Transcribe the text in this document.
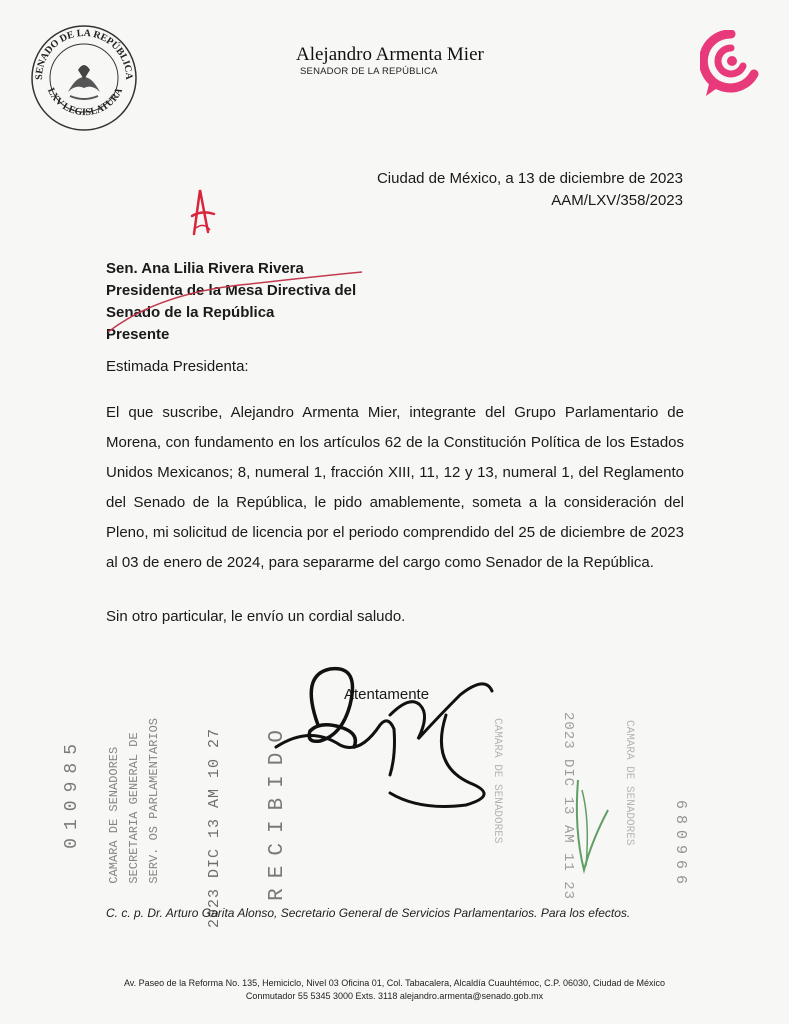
SENADO DE LA REPÚBLICA
LXV LEGISLATURA
Alejandro Armenta Mier
SENADOR DE LA REPÚBLICA
Ciudad de México, a 13 de diciembre de 2023
AAM/LXV/358/2023
Sen. Ana Lilia Rivera Rivera
Presidenta de la Mesa Directiva del
Senado de la República
Presente
Estimada Presidenta:
El que suscribe, Alejandro Armenta Mier, integrante del Grupo Parlamentario de Morena, con fundamento en los artículos 62 de la Constitución Política de los Estados Unidos Mexicanos; 8, numeral 1, fracción XIII, 11, 12 y 13, numeral 1, del Reglamento del Senado de la República, le pido amablemente, someta a la consideración del Pleno, mi solicitud de licencia por el periodo comprendido del 25 de diciembre de 2023 al 03 de enero de 2024, para separarme del cargo como Senador de la República.
Sin otro particular, le envío un cordial saludo.
Atentamente
010985 CAMARA DE SENADORES SECRETARIA GENERAL DE SERV. OS PARLAMENTARIOS	2023 DIC 13 AM 10 27 RECIBIDO	2023 DIC 13 AM 11 23	680966
CAMARA DE SENADORES	CAMARA DE SENADORES
C. c. p. Dr. Arturo Garita Alonso, Secretario General de Servicios Parlamentarios. Para los efectos.
Av. Paseo de la Reforma No. 135, Hemiciclo, Nivel 03 Oficina 01, Col. Tabacalera, Alcaldía Cuauhtémoc, C.P. 06030, Ciudad de México
Conmutador 55 5345 3000 Exts. 3118 alejandro.armenta@senado.gob.mx
